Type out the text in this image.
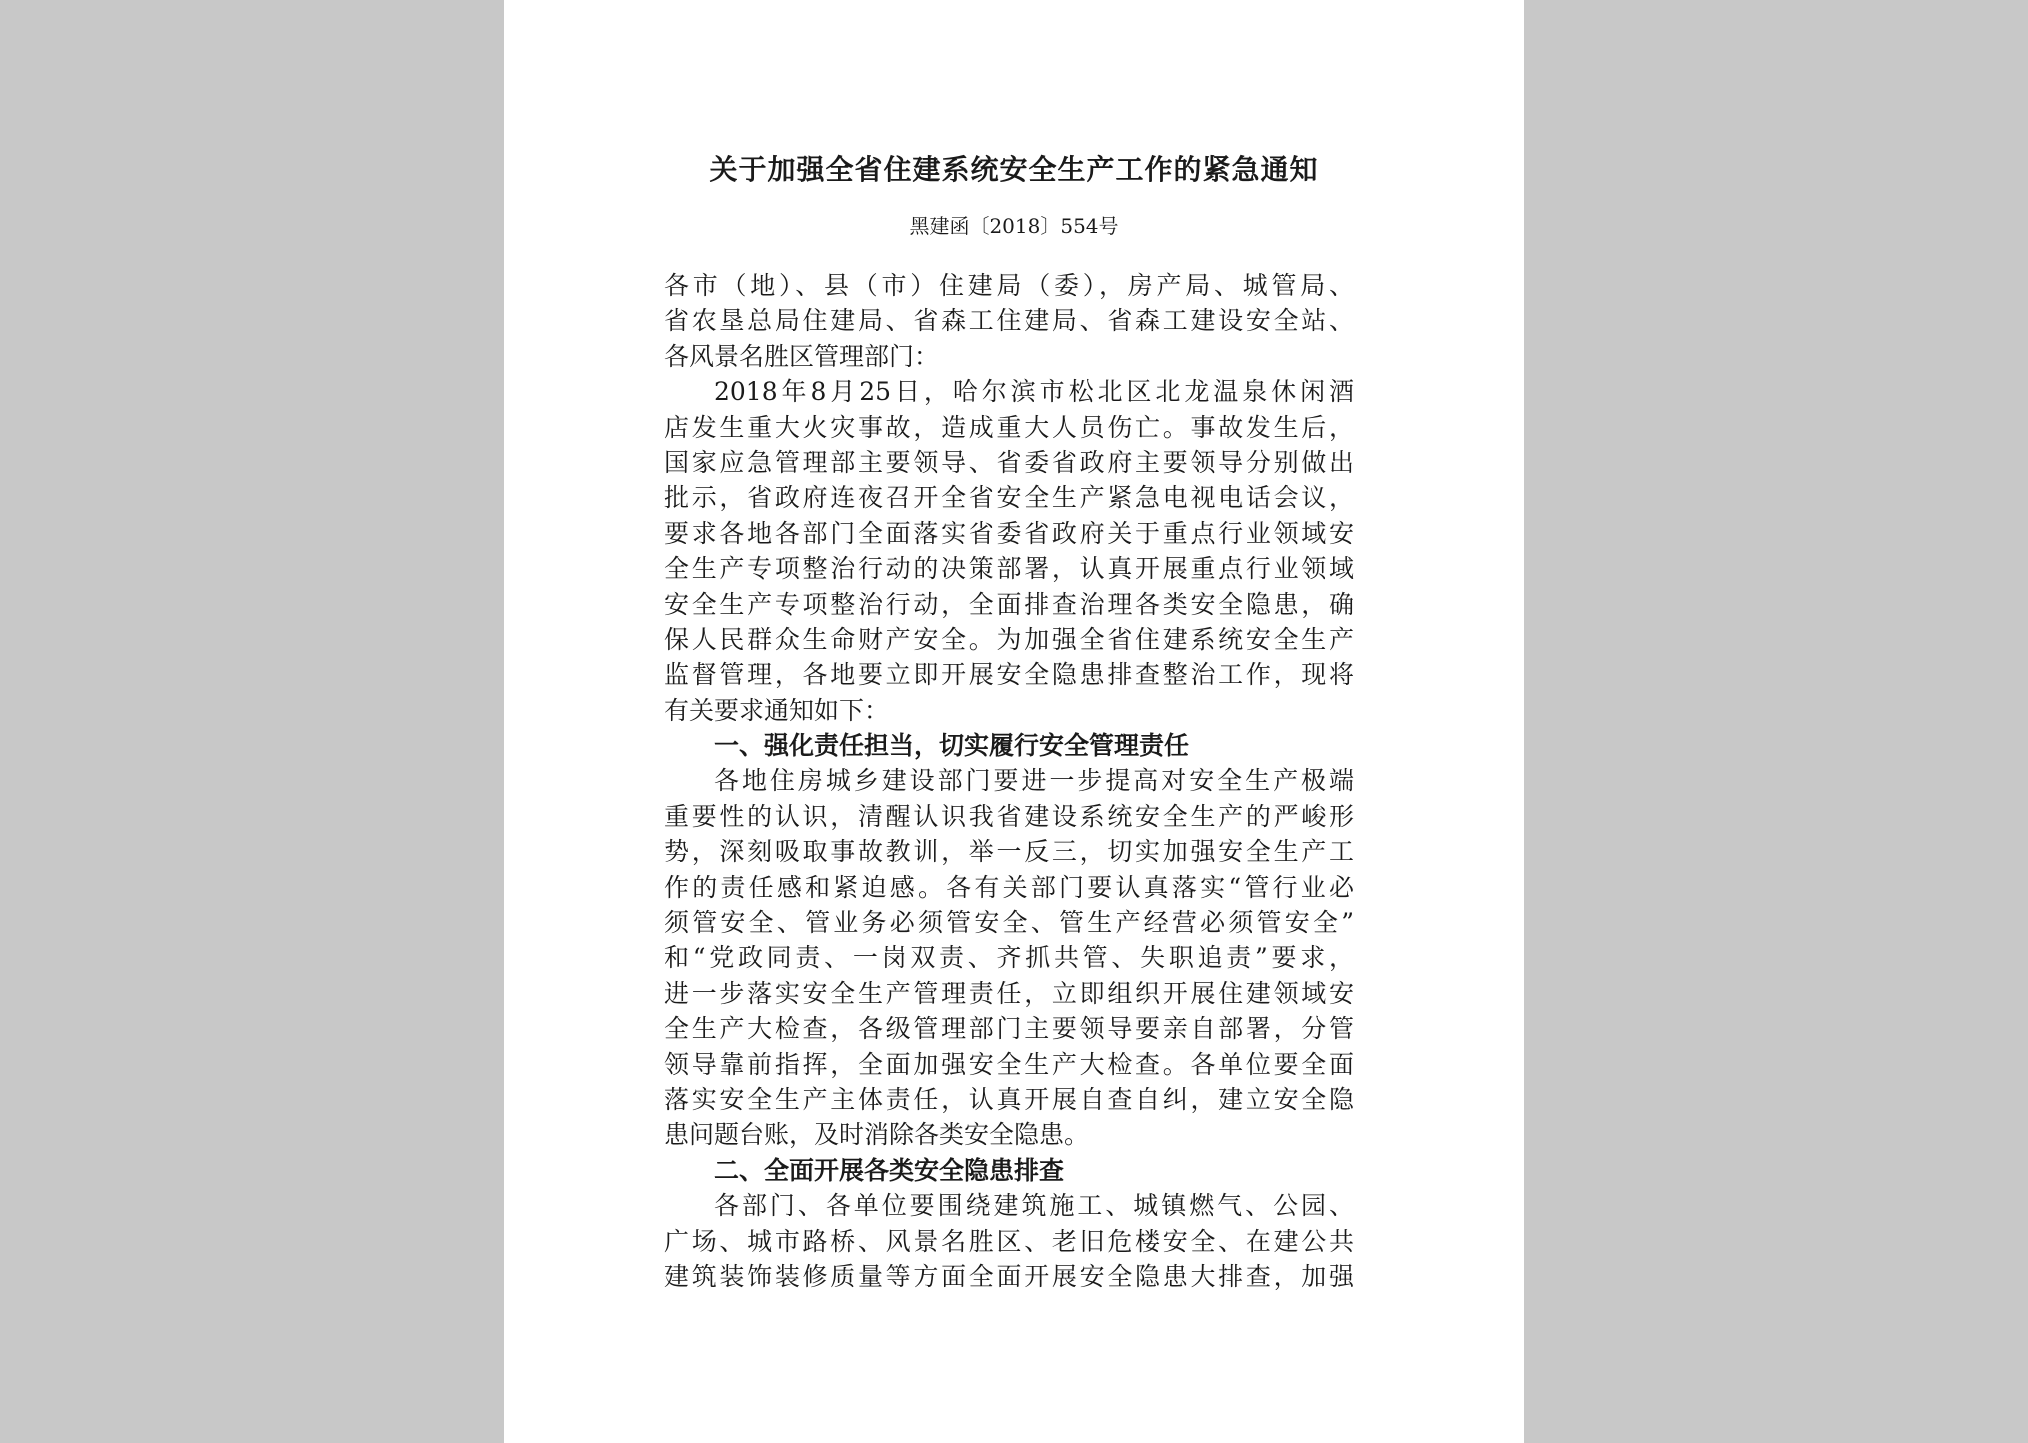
关于加强全省住建系统安全生产工作的紧急通知
黑建函〔2018〕554号
各市（地）、县（市）住建局（委），房产局、城管局、
省农垦总局住建局、省森工住建局、省森工建设安全站、
各风景名胜区管理部门：
2018年8月25日，哈尔滨市松北区北龙温泉休闲酒
店发生重大火灾事故，造成重大人员伤亡。事故发生后，
国家应急管理部主要领导、省委省政府主要领导分别做出
批示，省政府连夜召开全省安全生产紧急电视电话会议，
要求各地各部门全面落实省委省政府关于重点行业领域安
全生产专项整治行动的决策部署，认真开展重点行业领域
安全生产专项整治行动，全面排查治理各类安全隐患，确
保人民群众生命财产安全。为加强全省住建系统安全生产
监督管理，各地要立即开展安全隐患排查整治工作，现将
有关要求通知如下：
一、强化责任担当，切实履行安全管理责任
各地住房城乡建设部门要进一步提高对安全生产极端
重要性的认识，清醒认识我省建设系统安全生产的严峻形
势，深刻吸取事故教训，举一反三，切实加强安全生产工
作的责任感和紧迫感。各有关部门要认真落实“管行业必
须管安全、管业务必须管安全、管生产经营必须管安全”
和“党政同责、一岗双责、齐抓共管、失职追责”要求，
进一步落实安全生产管理责任，立即组织开展住建领域安
全生产大检查，各级管理部门主要领导要亲自部署，分管
领导靠前指挥，全面加强安全生产大检查。各单位要全面
落实安全生产主体责任，认真开展自查自纠，建立安全隐
患问题台账，及时消除各类安全隐患。
二、全面开展各类安全隐患排查
各部门、各单位要围绕建筑施工、城镇燃气、公园、
广场、城市路桥、风景名胜区、老旧危楼安全、在建公共
建筑装饰装修质量等方面全面开展安全隐患大排查，加强
